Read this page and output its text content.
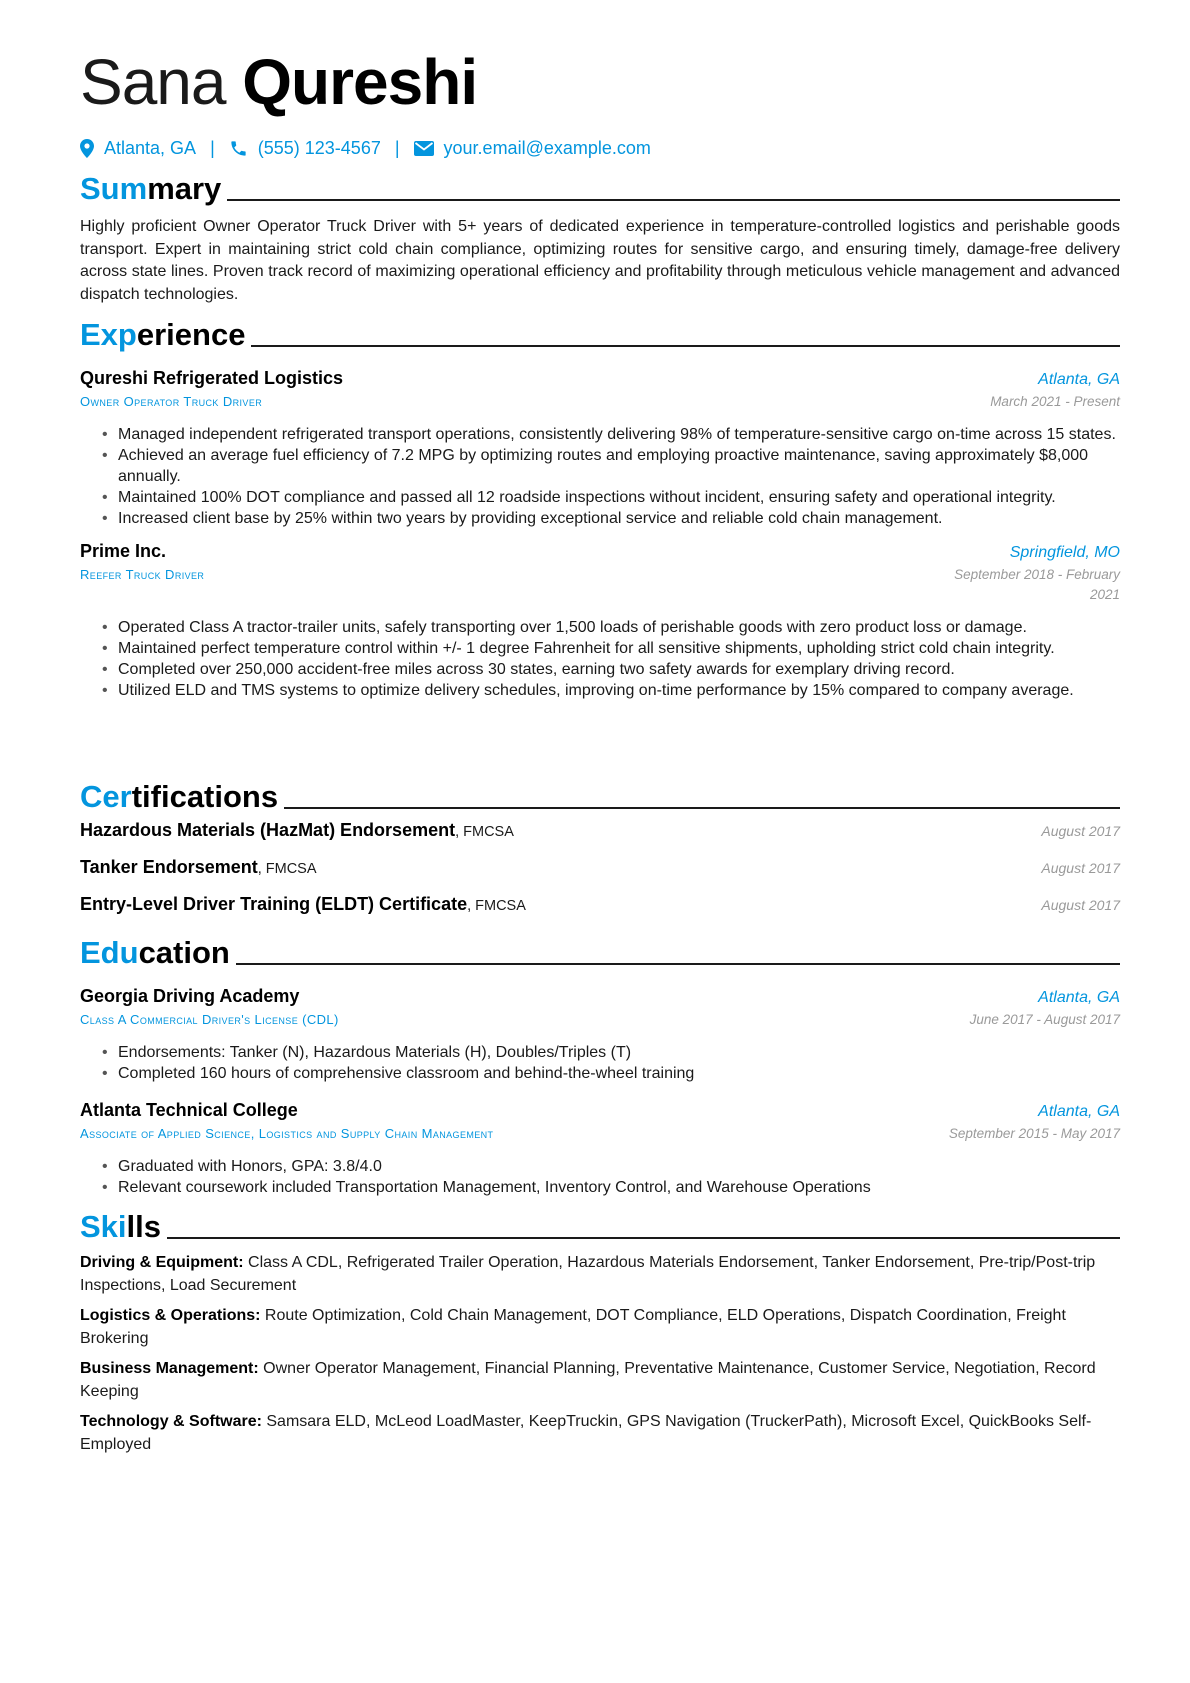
Sana Qureshi
Atlanta, GA | (555) 123-4567 | your.email@example.com
Summary
Highly proficient Owner Operator Truck Driver with 5+ years of dedicated experience in temperature-controlled logistics and perishable goods transport. Expert in maintaining strict cold chain compliance, optimizing routes for sensitive cargo, and ensuring timely, damage-free delivery across state lines. Proven track record of maximizing operational efficiency and profitability through meticulous vehicle management and advanced dispatch technologies.
Experience
Qureshi Refrigerated Logistics	Atlanta, GA
Owner Operator Truck Driver	March 2021 - Present
• Managed independent refrigerated transport operations, consistently delivering 98% of temperature-sensitive cargo on-time across 15 states.
• Achieved an average fuel efficiency of 7.2 MPG by optimizing routes and employing proactive maintenance, saving approximately $8,000 annually.
• Maintained 100% DOT compliance and passed all 12 roadside inspections without incident, ensuring safety and operational integrity.
• Increased client base by 25% within two years by providing exceptional service and reliable cold chain management.
Prime Inc.	Springfield, MO
Reefer Truck Driver	September 2018 - February 2021
• Operated Class A tractor-trailer units, safely transporting over 1,500 loads of perishable goods with zero product loss or damage.
• Maintained perfect temperature control within +/- 1 degree Fahrenheit for all sensitive shipments, upholding strict cold chain integrity.
• Completed over 250,000 accident-free miles across 30 states, earning two safety awards for exemplary driving record.
• Utilized ELD and TMS systems to optimize delivery schedules, improving on-time performance by 15% compared to company average.
Certifications
Hazardous Materials (HazMat) Endorsement, FMCSA	August 2017
Tanker Endorsement, FMCSA	August 2017
Entry-Level Driver Training (ELDT) Certificate, FMCSA	August 2017
Education
Georgia Driving Academy	Atlanta, GA
Class A Commercial Driver's License (CDL)	June 2017 - August 2017
• Endorsements: Tanker (N), Hazardous Materials (H), Doubles/Triples (T)
• Completed 160 hours of comprehensive classroom and behind-the-wheel training
Atlanta Technical College	Atlanta, GA
Associate of Applied Science, Logistics and Supply Chain Management	September 2015 - May 2017
• Graduated with Honors, GPA: 3.8/4.0
• Relevant coursework included Transportation Management, Inventory Control, and Warehouse Operations
Skills
Driving & Equipment: Class A CDL, Refrigerated Trailer Operation, Hazardous Materials Endorsement, Tanker Endorsement, Pre-trip/Post-trip Inspections, Load Securement
Logistics & Operations: Route Optimization, Cold Chain Management, DOT Compliance, ELD Operations, Dispatch Coordination, Freight Brokering
Business Management: Owner Operator Management, Financial Planning, Preventative Maintenance, Customer Service, Negotiation, Record Keeping
Technology & Software: Samsara ELD, McLeod LoadMaster, KeepTruckin, GPS Navigation (TruckerPath), Microsoft Excel, QuickBooks Self-Employed
